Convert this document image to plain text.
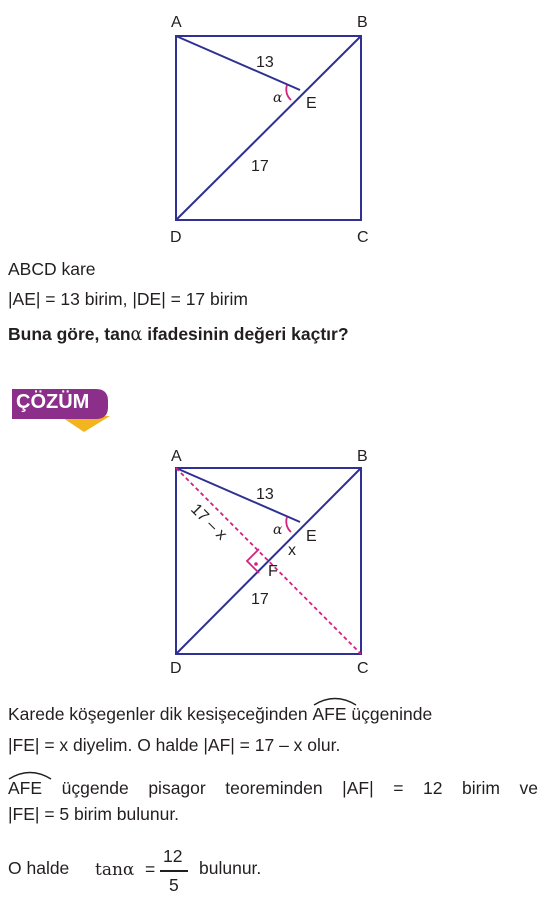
A	B
C
D
E
13
17
α
ABCD kare
|AE| = 13 birim, |DE| = 17 birim
Buna göre, tanα ifadesinin değeri kaçtır?
ÇÖZÜM
A	B
C
D
E
F
13
17
x
17 – x	α
Karede köşegenler dik kesişeceğinden
AFE üçgeninde
|FE| = x diyelim. O halde |AF| = 17 – x olur.
AFE üçgende pisagor teoreminden |AF| = 12 birim ve
|FE| = 5 birim bulunur.
O halde tanα =
12
5
bulunur.
